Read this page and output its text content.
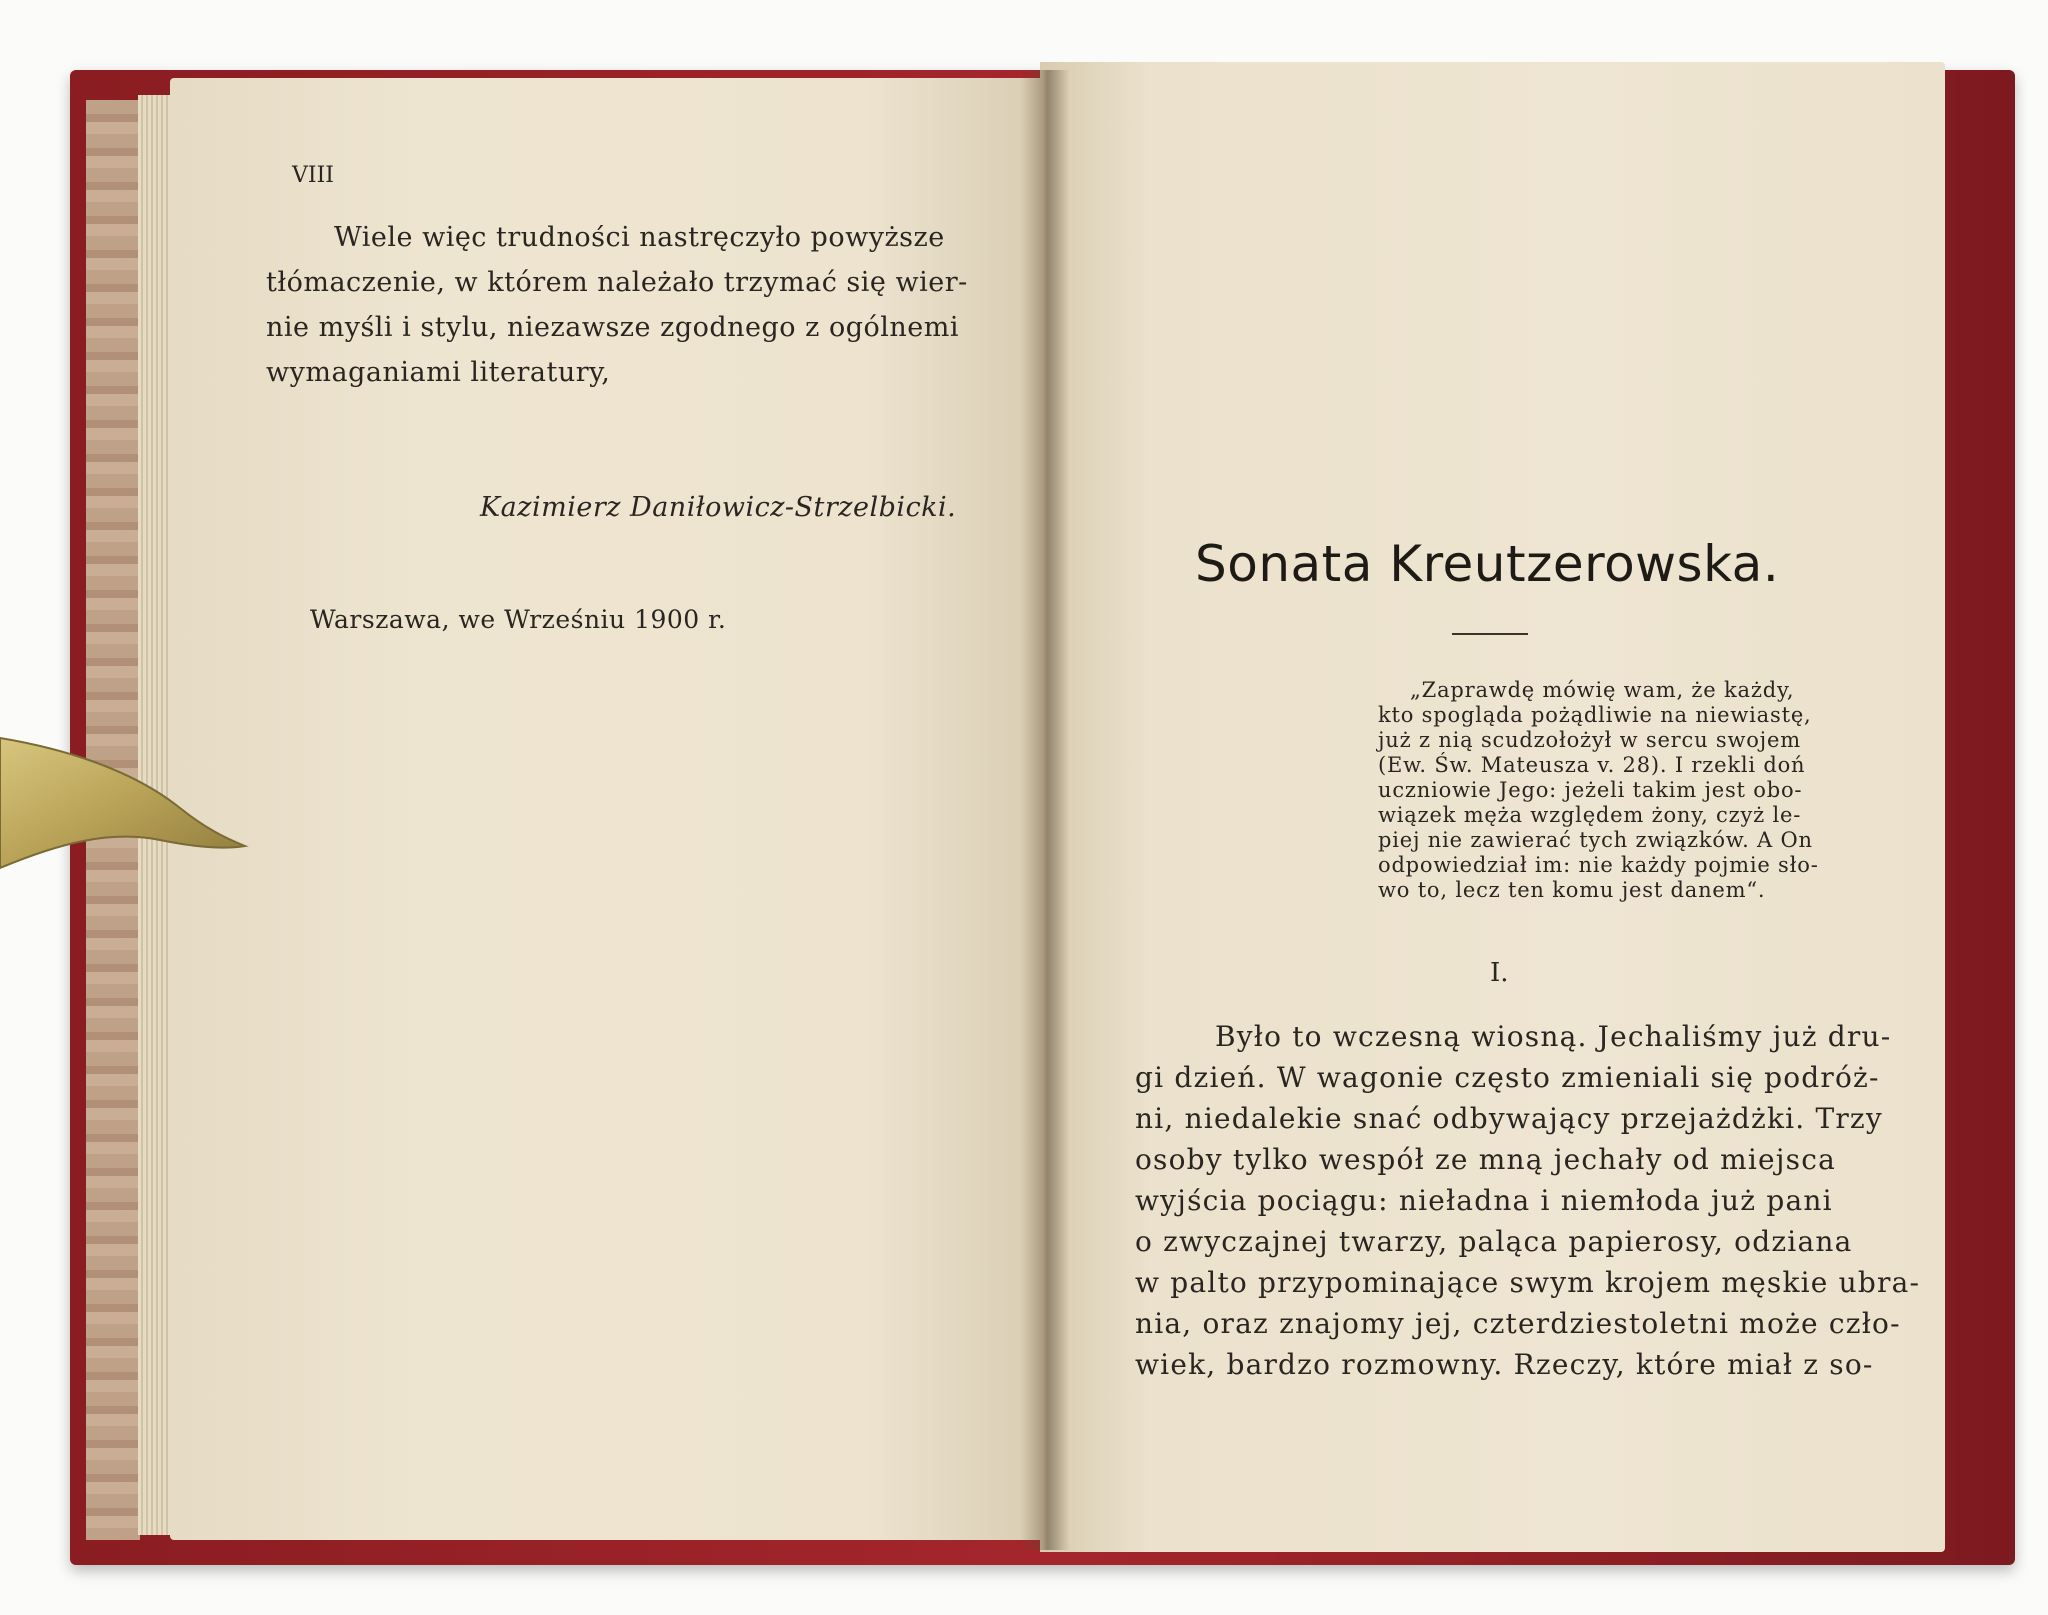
VIII
Wiele więc trudności nastręczyło powyższe
tłómaczenie, w którem należało trzymać się wier-
nie myśli i stylu, niezawsze zgodnego z ogólnemi
wymaganiami literatury,
Kazimierz Daniłowicz-Strzelbicki.
Warszawa, we Wrześniu 1900 r.
Sonata Kreutzerowska.
„Zaprawdę mówię wam, że każdy,
kto spogląda pożądliwie na niewiastę,
już z nią scudzołożył w sercu swojem
(Ew. Św. Mateusza v. 28). I rzekli doń
uczniowie Jego: jeżeli takim jest obo-
wiązek męża względem żony, czyż le-
piej nie zawierać tych związków. A On
odpowiedział im: nie każdy pojmie sło-
wo to, lecz ten komu jest danem“.
I.
Było to wczesną wiosną. Jechaliśmy już dru-
gi dzień. W wagonie często zmieniali się podróż-
ni, niedalekie snać odbywający przejażdżki. Trzy
osoby tylko wespół ze mną jechały od miejsca
wyjścia pociągu: nieładna i niemłoda już pani
o zwyczajnej twarzy, paląca papierosy, odziana
w palto przypominające swym krojem męskie ubra-
nia, oraz znajomy jej, czterdziestoletni może czło-
wiek, bardzo rozmowny. Rzeczy, które miał z so-
